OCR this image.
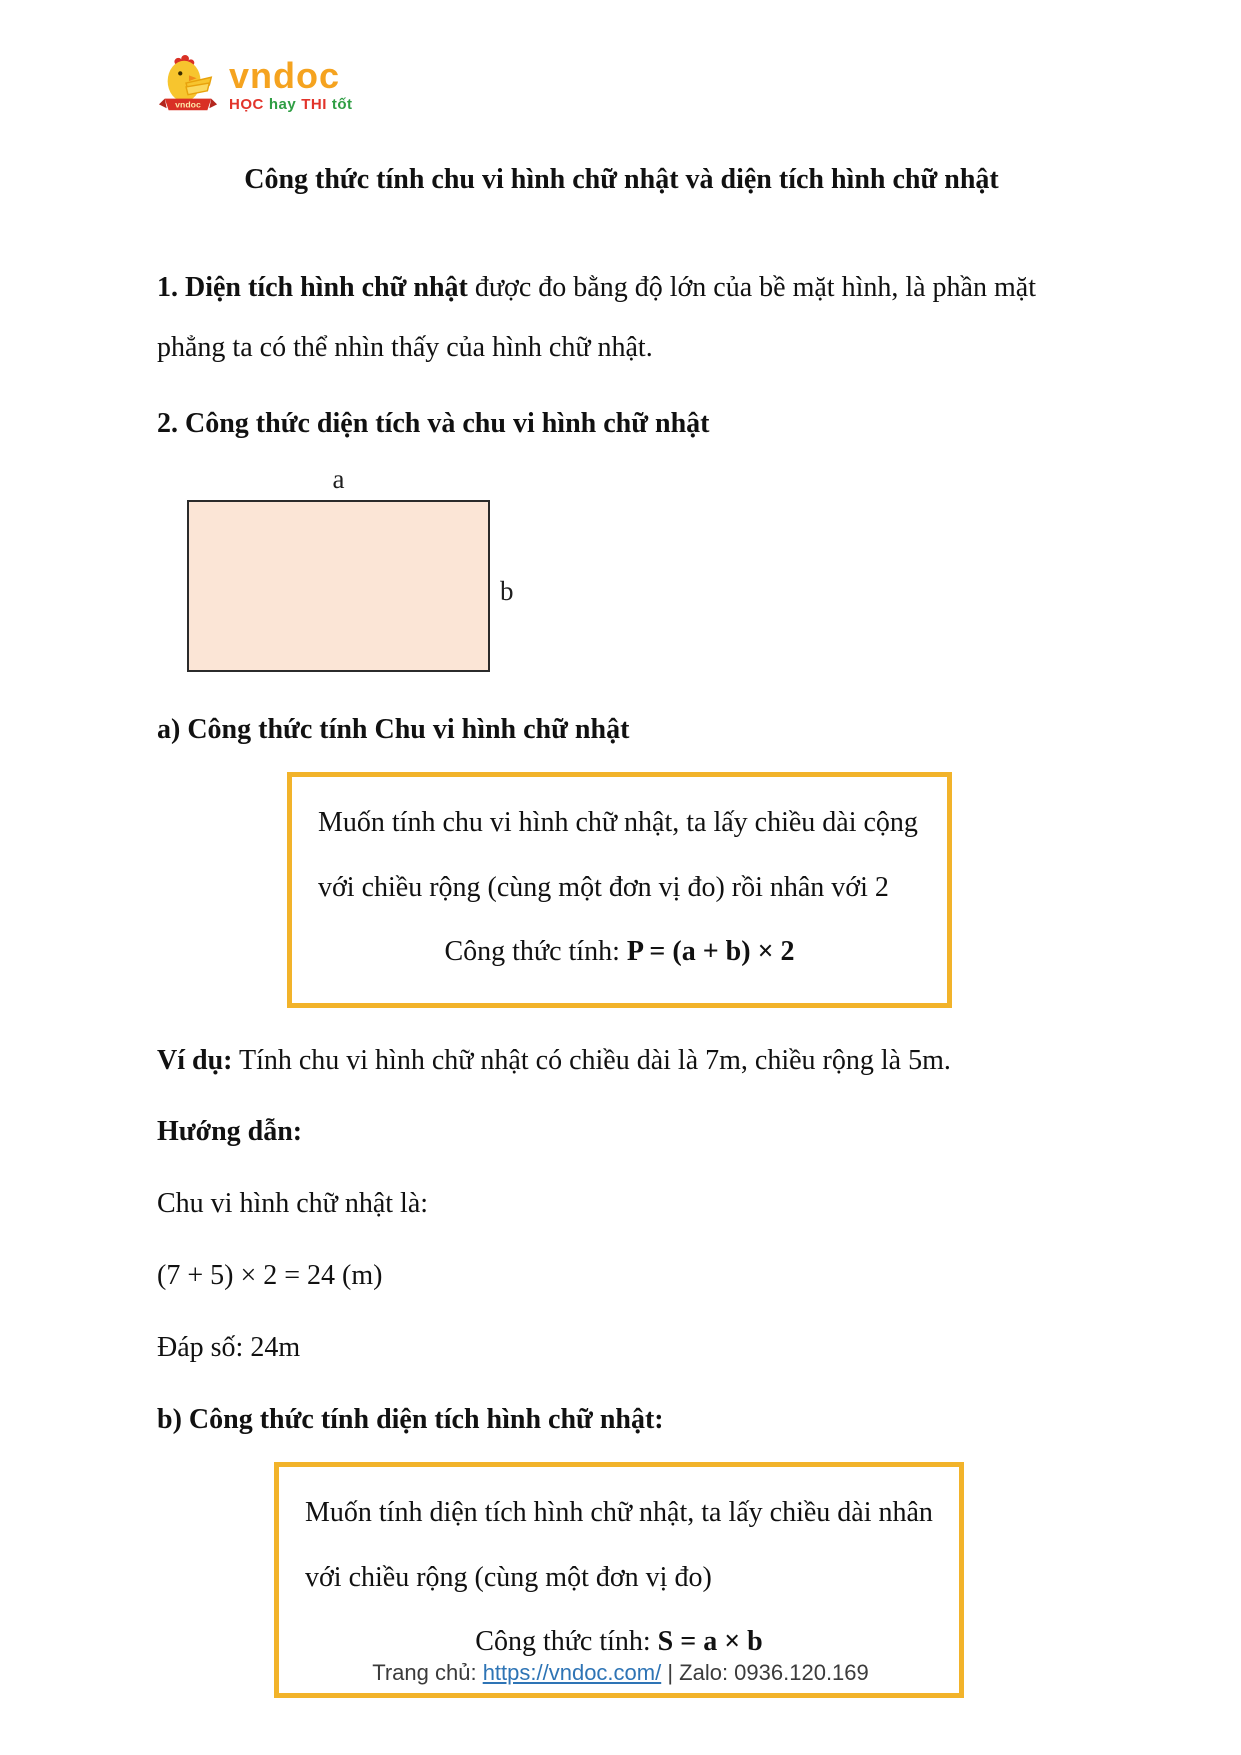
vndoc
vndoc
HỌC hay THI tốt
Công thức tính chu vi hình chữ nhật và diện tích hình chữ nhật

1. Diện tích hình chữ nhật được đo bằng độ lớn của bề mặt hình, là phần mặt phẳng ta có thể nhìn thấy của hình chữ nhật.

2. Công thức diện tích và chu vi hình chữ nhật

a
b

a) Công thức tính Chu vi hình chữ nhật

Muốn tính chu vi hình chữ nhật, ta lấy chiều dài cộng với chiều rộng (cùng một đơn vị đo) rồi nhân với 2
Công thức tính: P = (a + b) × 2

Ví dụ: Tính chu vi hình chữ nhật có chiều dài là 7m, chiều rộng là 5m.

Hướng dẫn:

Chu vi hình chữ nhật là:

(7 + 5) × 2 = 24 (m)

Đáp số: 24m

b) Công thức tính diện tích hình chữ nhật:

Muốn tính diện tích hình chữ nhật, ta lấy chiều dài nhân với chiều rộng (cùng một đơn vị đo)
Công thức tính: S = a × b
Trang chủ: https://vndoc.com/ | Zalo: 0936.120.169
